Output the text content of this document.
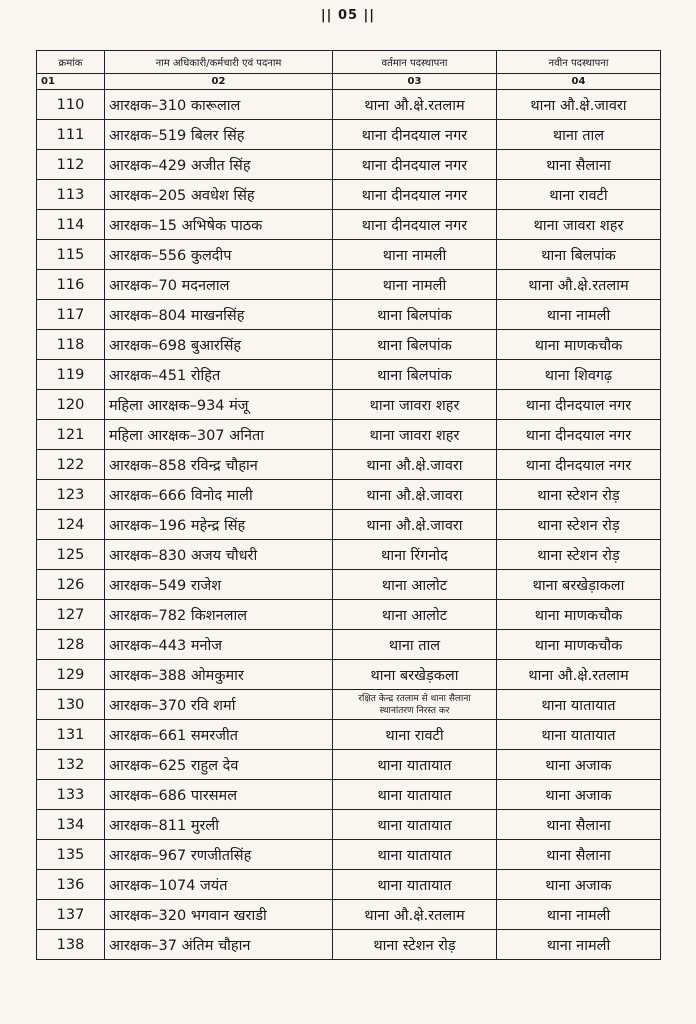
|| 05 ||
क्रमांक	नाम अधिकारी/कर्मचारी एवं पदनाम	वर्तमान पदस्थापना	नवीन पदस्थापना
01	02	03	04
110	आरक्षक–310 कारूलाल	थाना औ.क्षे.रतलाम	थाना औ.क्षे.जावरा
111	आरक्षक–519 बिलर सिंह	थाना दीनदयाल नगर	थाना ताल
112	आरक्षक–429 अजीत सिंह	थाना दीनदयाल नगर	थाना सैलाना
113	आरक्षक–205 अवधेश सिंह	थाना दीनदयाल नगर	थाना रावटी
114	आरक्षक–15 अभिषेक पाठक	थाना दीनदयाल नगर	थाना जावरा शहर
115	आरक्षक–556 कुलदीप	थाना नामली	थाना बिलपांक
116	आरक्षक–70 मदनलाल	थाना नामली	थाना औ.क्षे.रतलाम
117	आरक्षक–804 माखनसिंह	थाना बिलपांक	थाना नामली
118	आरक्षक–698 बुआरसिंह	थाना बिलपांक	थाना माणकचौक
119	आरक्षक–451 रोहित	थाना बिलपांक	थाना शिवगढ़
120	महिला आरक्षक–934 मंजू	थाना जावरा शहर	थाना दीनदयाल नगर
121	महिला आरक्षक–307 अनिता	थाना जावरा शहर	थाना दीनदयाल नगर
122	आरक्षक–858 रविन्द्र चौहान	थाना औ.क्षे.जावरा	थाना दीनदयाल नगर
123	आरक्षक–666 विनोद माली	थाना औ.क्षे.जावरा	थाना स्टेशन रोड़
124	आरक्षक–196 महेन्द्र सिंह	थाना औ.क्षे.जावरा	थाना स्टेशन रोड़
125	आरक्षक–830 अजय चौधरी	थाना रिंगनोद	थाना स्टेशन रोड़
126	आरक्षक–549 राजेश	थाना आलोट	थाना बरखेड़ाकला
127	आरक्षक–782 किशनलाल	थाना आलोट	थाना माणकचौक
128	आरक्षक–443 मनोज	थाना ताल	थाना माणकचौक
129	आरक्षक–388 ओमकुमार	थाना बरखेड़कला	थाना औ.क्षे.रतलाम
130	आरक्षक–370 रवि शर्मा	रक्षित केन्द्र रतलाम से थाना सैलाना
स्थानांतरण निरस्त कर	थाना यातायात
131	आरक्षक–661 समरजीत	थाना रावटी	थाना यातायात
132	आरक्षक–625 राहुल देव	थाना यातायात	थाना अजाक
133	आरक्षक–686 पारसमल	थाना यातायात	थाना अजाक
134	आरक्षक–811 मुरली	थाना यातायात	थाना सैलाना
135	आरक्षक–967 रणजीतसिंह	थाना यातायात	थाना सैलाना
136	आरक्षक–1074 जयंत	थाना यातायात	थाना अजाक
137	आरक्षक–320 भगवान खराडी	थाना औ.क्षे.रतलाम	थाना नामली
138	आरक्षक–37 अंतिम चौहान	थाना स्टेशन रोड़	थाना नामली
